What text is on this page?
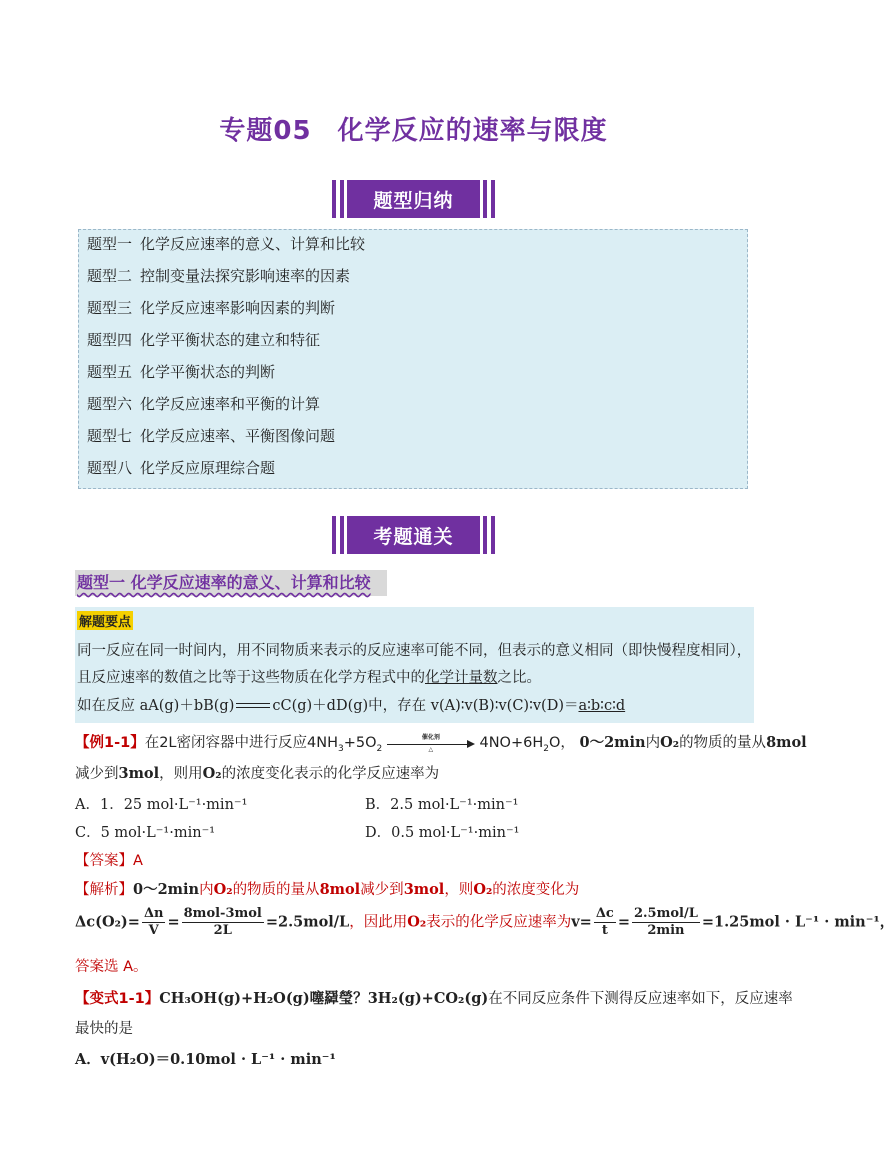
专题05 化学反应的速率与限度
题型归纳
题型一 化学反应速率的意义、计算和比较
题型二 控制变量法探究影响速率的因素
题型三 化学反应速率影响因素的判断
题型四 化学平衡状态的建立和特征
题型五 化学平衡状态的判断
题型六 化学反应速率和平衡的计算
题型七 化学反应速率、平衡图像问题
题型八 化学反应原理综合题
考题通关
题型一 化学反应速率的意义、计算和比较
解题要点
同一反应在同一时间内，用不同物质来表示的反应速率可能不同，但表示的意义相同（即快慢程度相同），
且反应速率的数值之比等于这些物质在化学方程式中的化学计量数之比。
如在反应 aA(g)＋bB(g)	cC(g)＋dD(g)中，存在 v(A)∶v(B)∶v(C)∶v(D)＝a∶b∶c∶d
【例1-1】在2L密闭容器中进行反应$4NH_3+5O_2$
催化剂
△	$4NO+6H_2O$， 0～2min内O₂的物质的量从8mol
减少到3mol，则用O₂的浓度变化表示的化学反应速率为
A．1．25 mol·L⁻¹·min⁻¹	B．2.5 mol·L⁻¹·min⁻¹
C．5 mol·L⁻¹·min⁻¹	D．0.5 mol·L⁻¹·min⁻¹
【答案】A
【解析】0～2min内O₂的物质的量从8mol减少到3mol，则O₂的浓度变化为
$\Delta c(O_2)= \frac{\Delta n}{V} = \frac{\text{8mol-3mol}}{2L} =2.5mol/L$，因此用O₂表示的化学反应速率为$v= \frac{\Delta c}{t} = \frac{\text{2.5mol/L}}{2\min} =1.25mol \cdot L^{-1} \cdot \min^{-1}$，
答案选 A。
【变式1-1】CH₃OH(g)+H₂O(g)噻羄瑩？3H₂(g)+CO₂(g)在不同反应条件下测得反应速率如下，反应速率
最快的是
A．v(H₂O)＝0.10mol · L⁻¹ · min⁻¹
